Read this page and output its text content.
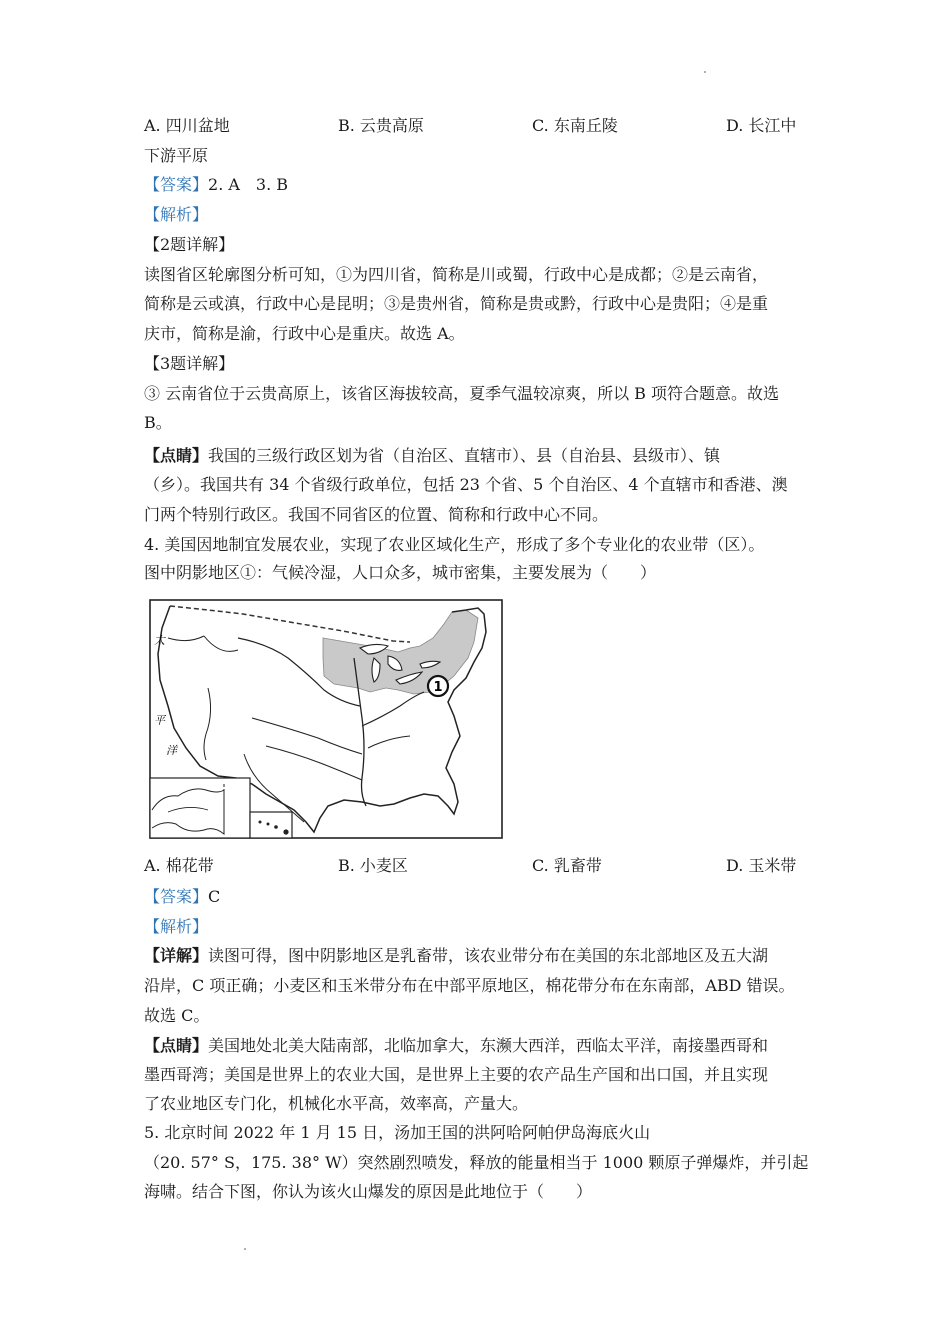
A. 四川盆地	B. 云贵高原	C. 东南丘陵	D. 长江中
下游平原
【答案】2. A　3. B
【解析】
【2题详解】
读图省区轮廓图分析可知，①为四川省，简称是川或蜀，行政中心是成都；②是云南省，
简称是云或滇，行政中心是昆明；③是贵州省，简称是贵或黔，行政中心是贵阳；④是重
庆市，简称是渝，行政中心是重庆。故选 A。
【3题详解】
③ 云南省位于云贵高原上，该省区海拔较高，夏季气温较凉爽，所以 B 项符合题意。故选
B。
【点睛】我国的三级行政区划为省（自治区、直辖市）、县（自治县、县级市）、镇
（乡）。我国共有 34 个省级行政单位，包括 23 个省、5 个自治区、4 个直辖市和香港、澳
门两个特别行政区。我国不同省区的位置、简称和行政中心不同。
4. 美国因地制宜发展农业，实现了农业区域化生产，形成了多个专业化的农业带（区）。
图中阴影地区①：气候冷湿，人口众多，城市密集，主要发展为（　　）
太
平
洋
1
A. 棉花带	B. 小麦区	C. 乳畜带	D. 玉米带
【答案】C
【解析】
【详解】读图可得，图中阴影地区是乳畜带，该农业带分布在美国的东北部地区及五大湖
沿岸，C 项正确；小麦区和玉米带分布在中部平原地区，棉花带分布在东南部，ABD 错误。
故选 C。
【点睛】美国地处北美大陆南部，北临加拿大，东濒大西洋，西临太平洋，南接墨西哥和
墨西哥湾；美国是世界上的农业大国，是世界上主要的农产品生产国和出口国，并且实现
了农业地区专门化，机械化水平高，效率高，产量大。
5. 北京时间 2022 年 1 月 15 日，汤加王国的洪阿哈阿帕伊岛海底火山
（20. 57° S，175. 38° W）突然剧烈喷发，释放的能量相当于 1000 颗原子弹爆炸，并引起
海啸。结合下图，你认为该火山爆发的原因是此地位于（　　）
